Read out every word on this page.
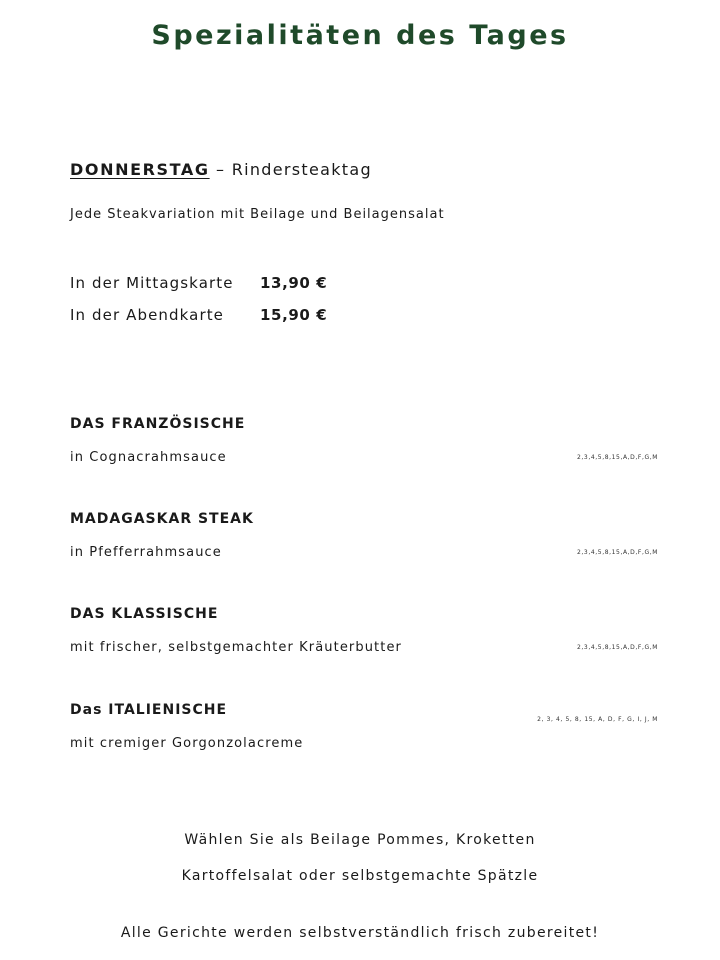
Spezialitäten des Tages
DONNERSTAG – Rindersteaktag
Jede Steakvariation mit Beilage und Beilagensalat
In der Mittagskarte 13,90 €
In der Abendkarte 15,90 €
DAS FRANZÖSISCHE
in Cognacrahmsauce	2,3,4,5,8,15,A,D,F,G,M
MADAGASKAR STEAK
in Pfefferrahmsauce	2,3,4,5,8,15,A,D,F,G,M
DAS KLASSISCHE
mit frischer, selbstgemachter Kräuterbutter	2,3,4,5,8,15,A,D,F,G,M
Das ITALIENISCHE
mit cremiger Gorgonzolacreme
2, 3, 4, 5, 8, 15, A, D, F, G, I, J, M
Wählen Sie als Beilage Pommes, Kroketten
Kartoffelsalat oder selbstgemachte Spätzle
Alle Gerichte werden selbstverständlich frisch zubereitet!
